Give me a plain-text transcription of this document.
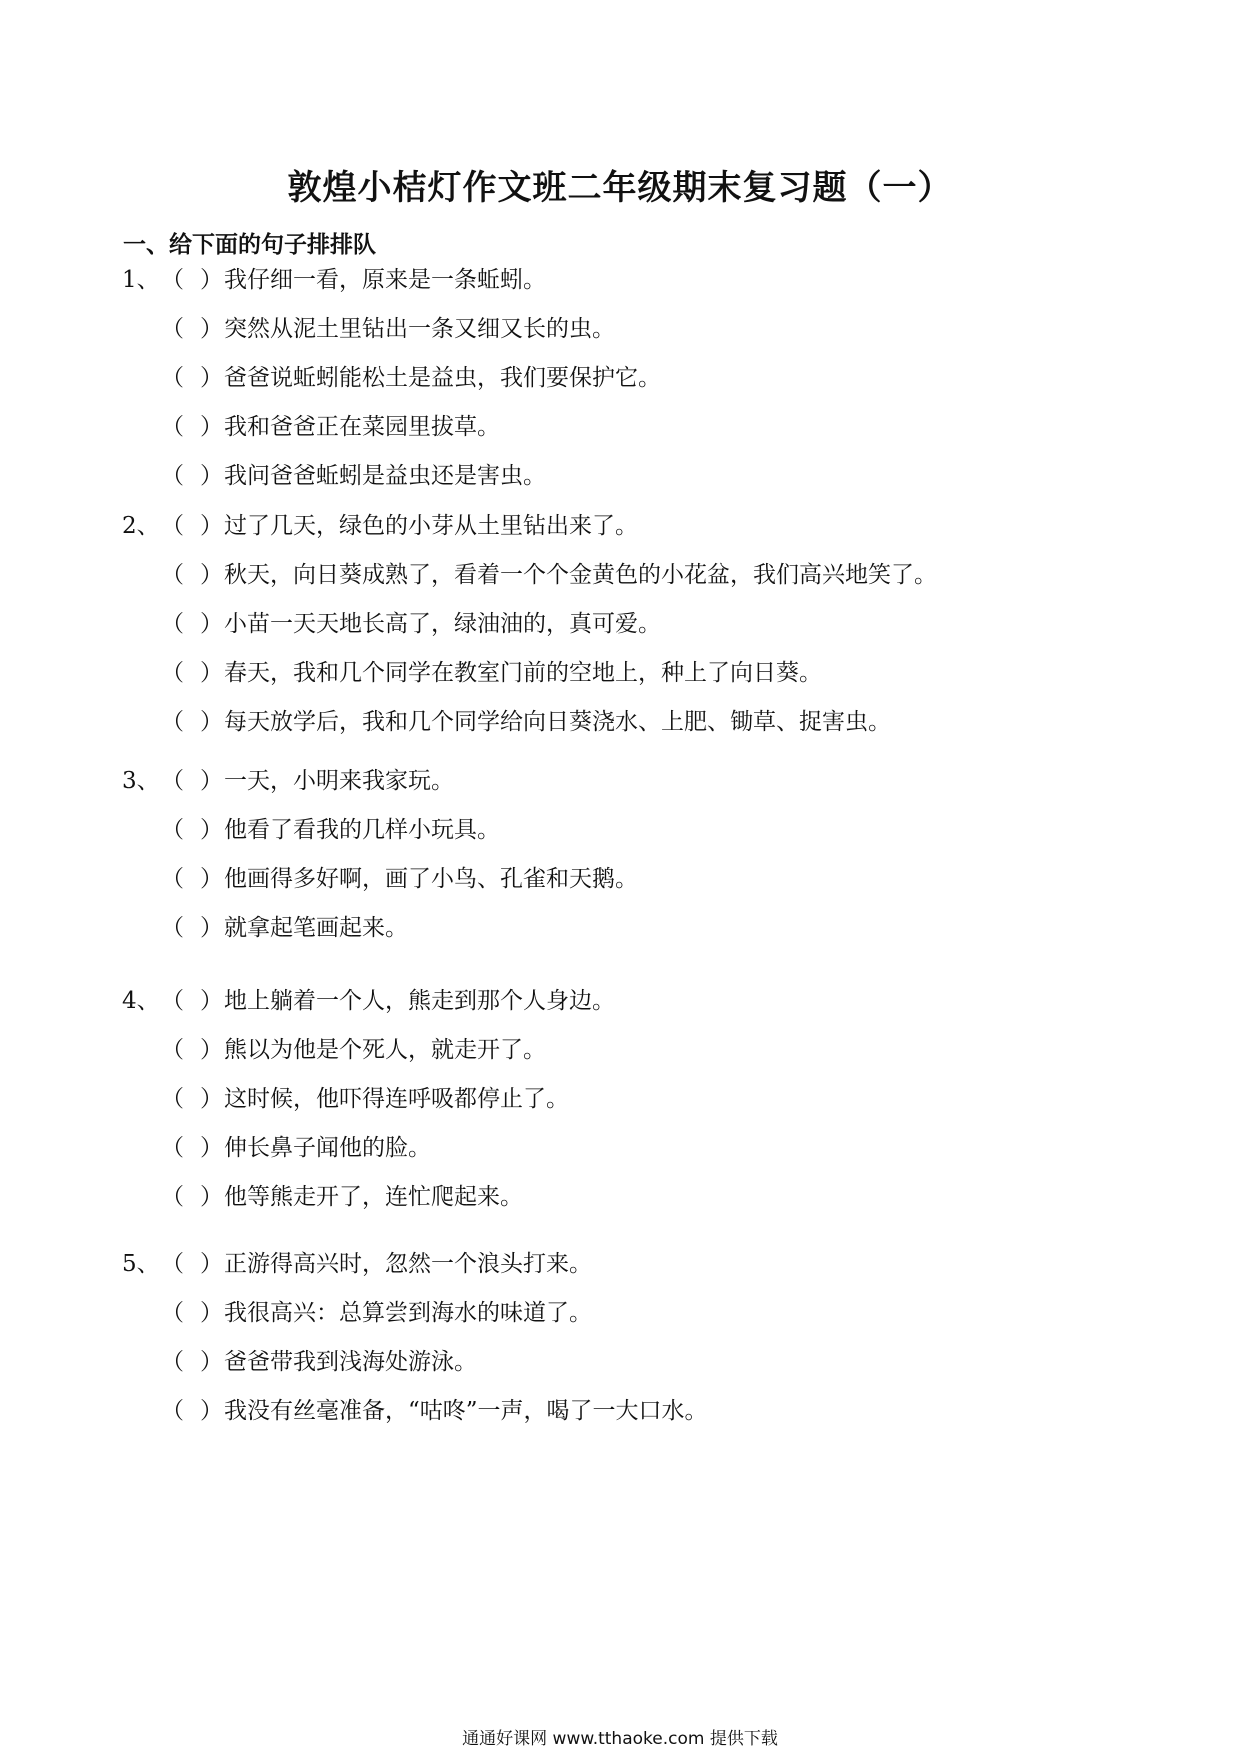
敦煌小桔灯作文班二年级期末复习题（一）
一、给下面的句子排排队
1、 （ ） 我仔细一看，原来是一条蚯蚓。
（ ） 突然从泥土里钻出一条又细又长的虫。
（ ） 爸爸说蚯蚓能松土是益虫，我们要保护它。
（ ） 我和爸爸正在菜园里拔草。
（ ） 我问爸爸蚯蚓是益虫还是害虫。
2、 （ ） 过了几天，绿色的小芽从土里钻出来了。
（ ） 秋天，向日葵成熟了，看着一个个金黄色的小花盆，我们高兴地笑了。
（ ） 小苗一天天地长高了，绿油油的，真可爱。
（ ） 春天，我和几个同学在教室门前的空地上，种上了向日葵。
（ ） 每天放学后，我和几个同学给向日葵浇水、上肥、锄草、捉害虫。
3、 （ ） 一天，小明来我家玩。
（ ） 他看了看我的几样小玩具。
（ ） 他画得多好啊，画了小鸟、孔雀和天鹅。
（ ） 就拿起笔画起来。
4、 （ ） 地上躺着一个人，熊走到那个人身边。
（ ） 熊以为他是个死人，就走开了。
（ ） 这时候，他吓得连呼吸都停止了。
（ ） 伸长鼻子闻他的脸。
（ ） 他等熊走开了，连忙爬起来。
5、 （ ） 正游得高兴时，忽然一个浪头打来。
（ ） 我很高兴：总算尝到海水的味道了。
（ ） 爸爸带我到浅海处游泳。
（ ） 我没有丝毫准备，“咕咚”一声，喝了一大口水。
通通好课网 www.tthaoke.com 提供下载
